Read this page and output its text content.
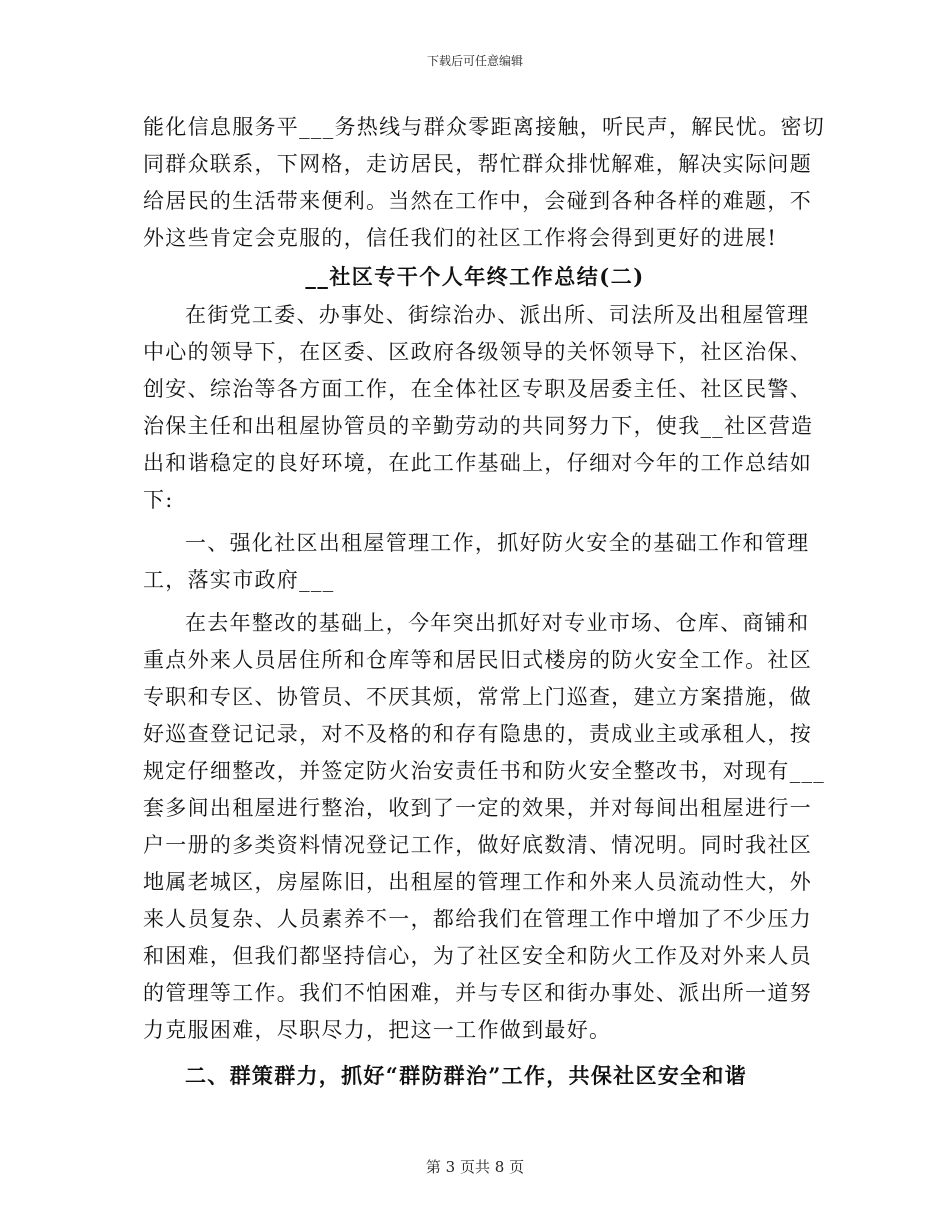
下载后可任意编辑
能化信息服务平___务热线与群众零距离接触，听民声，解民忧。密切
同群众联系，下网格，走访居民，帮忙群众排忧解难，解决实际问题
给居民的生活带来便利。当然在工作中，会碰到各种各样的难题，不
外这些肯定会克服的，信任我们的社区工作将会得到更好的进展!
__社区专干个人年终工作总结(二)
在街党工委、办事处、街综治办、派出所、司法所及出租屋管理
中心的领导下，在区委、区政府各级领导的关怀领导下，社区治保、
创安、综治等各方面工作，在全体社区专职及居委主任、社区民警、
治保主任和出租屋协管员的辛勤劳动的共同努力下，使我__社区营造
出和谐稳定的良好环境，在此工作基础上，仔细对今年的工作总结如
下:
一、强化社区出租屋管理工作，抓好防火安全的基础工作和管理
工，落实市政府___
在去年整改的基础上，今年突出抓好对专业市场、仓库、商铺和
重点外来人员居住所和仓库等和居民旧式楼房的防火安全工作。社区
专职和专区、协管员、不厌其烦，常常上门巡查，建立方案措施，做
好巡查登记记录，对不及格的和存有隐患的，责成业主或承租人，按
规定仔细整改，并签定防火治安责任书和防火安全整改书，对现有___
套多间出租屋进行整治，收到了一定的效果，并对每间出租屋进行一
户一册的多类资料情况登记工作，做好底数清、情况明。同时我社区
地属老城区，房屋陈旧，出租屋的管理工作和外来人员流动性大，外
来人员复杂、人员素养不一，都给我们在管理工作中增加了不少压力
和困难，但我们都坚持信心，为了社区安全和防火工作及对外来人员
的管理等工作。我们不怕困难，并与专区和街办事处、派出所一道努
力克服困难，尽职尽力，把这一工作做到最好。
二、群策群力，抓好“群防群治”工作，共保社区安全和谐
第 3 页共 8 页
